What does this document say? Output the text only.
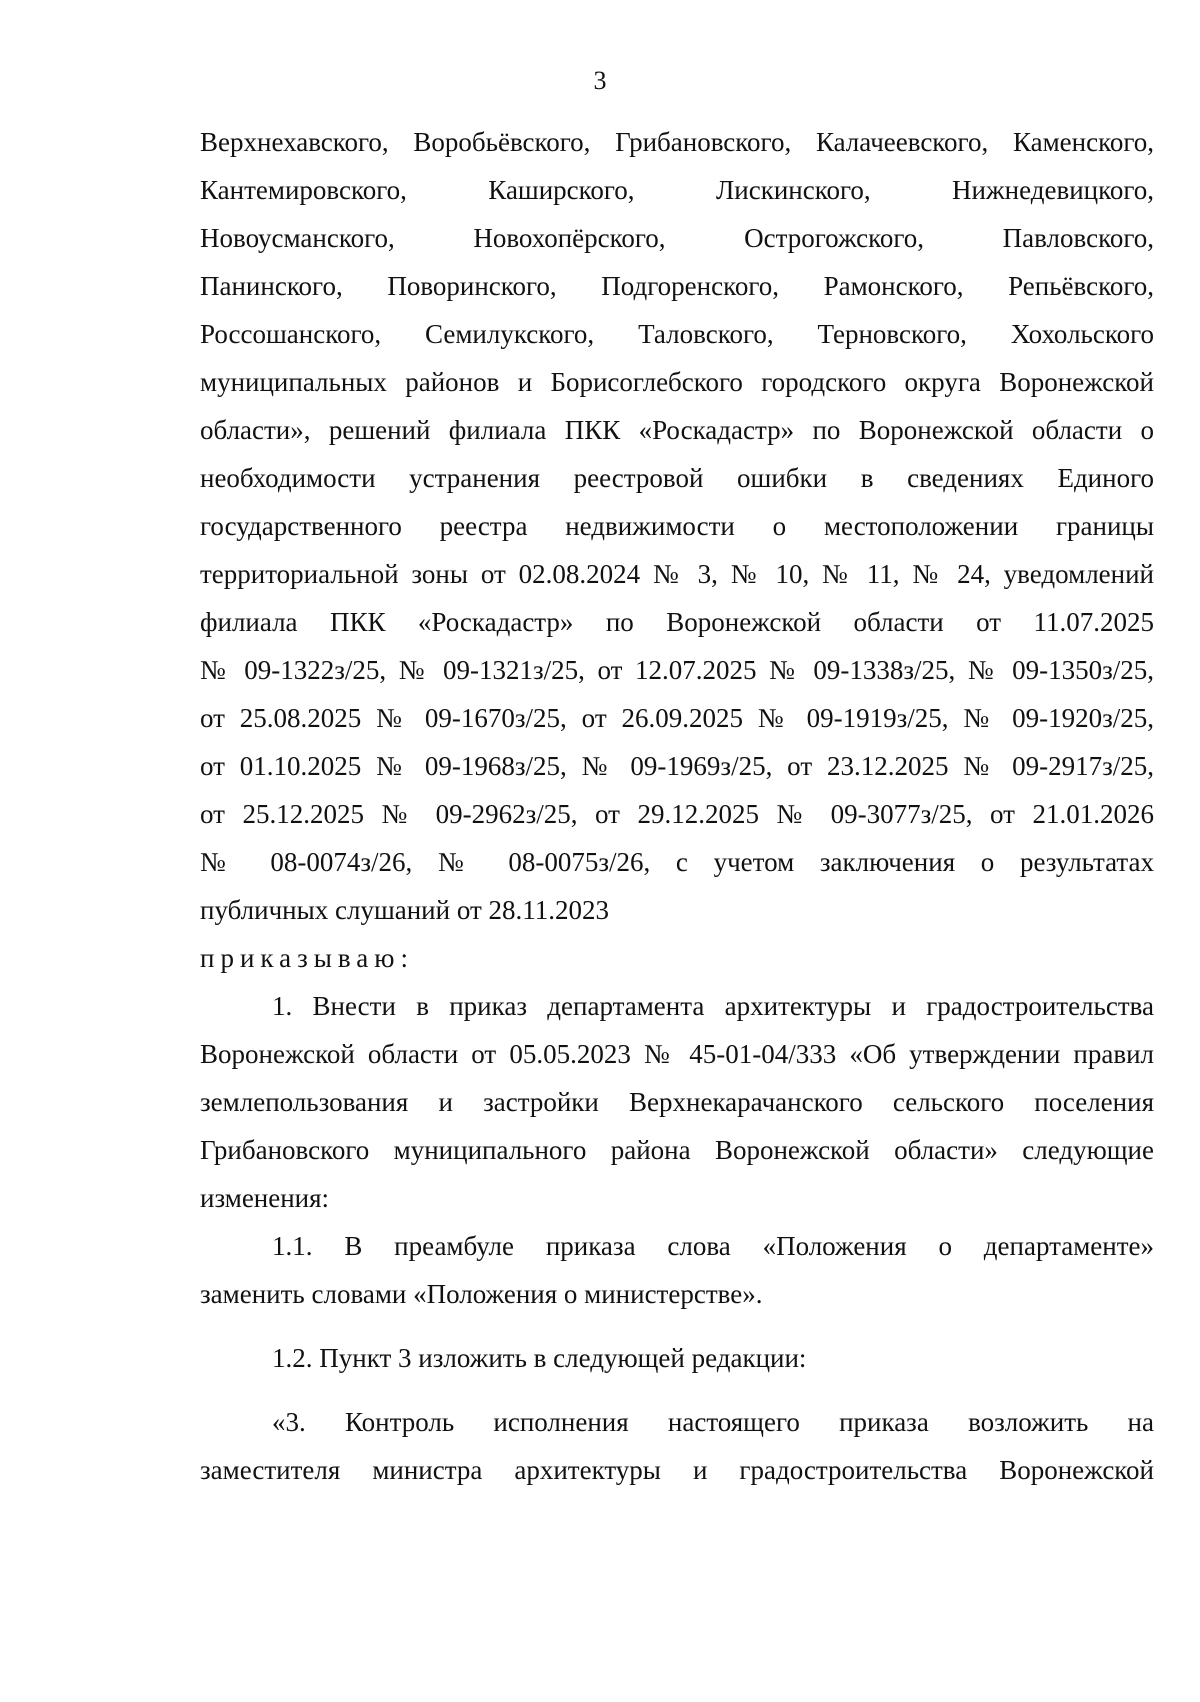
3
Верхнехавского, Воробьёвского, Грибановского, Калачеевского, Каменского,
Кантемировского, Каширского, Лискинского, Нижнедевицкого,
Новоусманского, Новохопёрского, Острогожского, Павловского,
Панинского, Поворинского, Подгоренского, Рамонского, Репьёвского,
Россошанского, Семилукского, Таловского, Терновского, Хохольского
муниципальных районов и Борисоглебского городского округа Воронежской
области», решений филиала ПКК «Роскадастр» по Воронежской области о
необходимости устранения реестровой ошибки в сведениях Единого
государственного реестра недвижимости о местоположении границы
территориальной зоны от 02.08.2024 № 3, № 10, № 11, № 24, уведомлений
филиала ПКК «Роскадастр» по Воронежской области от 11.07.2025
№ 09-1322з/25, № 09-1321з/25, от 12.07.2025 № 09-1338з/25, № 09-1350з/25,
от 25.08.2025 № 09-1670з/25, от 26.09.2025 № 09-1919з/25, № 09-1920з/25,
от 01.10.2025 № 09-1968з/25, № 09-1969з/25, от 23.12.2025 № 09-2917з/25,
от 25.12.2025 № 09-2962з/25, от 29.12.2025 № 09-3077з/25, от 21.01.2026
№ 08-0074з/26, № 08-0075з/26, с учетом заключения о результатах
публичных слушаний от 28.11.2023
приказываю:
1. Внести в приказ департамента архитектуры и градостроительства
Воронежской области от 05.05.2023 № 45-01-04/333 «Об утверждении правил
землепользования и застройки Верхнекарачанского сельского поселения
Грибановского муниципального района Воронежской области» следующие
изменения:
1.1. В преамбуле приказа слова «Положения о департаменте»
заменить словами «Положения о министерстве».
1.2. Пункт 3 изложить в следующей редакции:
«3. Контроль исполнения настоящего приказа возложить на
заместителя министра архитектуры и градостроительства Воронежской
